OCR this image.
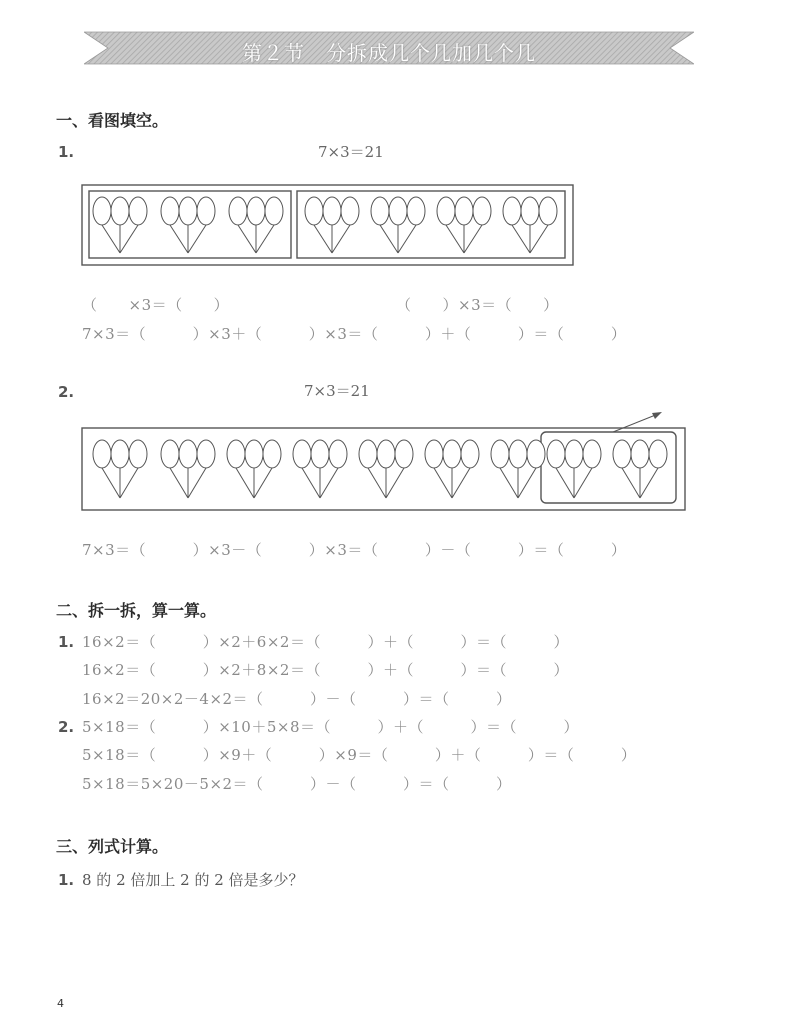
第２节　分拆成几个几加几个几
一、看图填空。
1.	7×3＝21
（　　×3＝（　　）	（　　）×3＝（　　）
7×3＝（　　　）×3＋（　　　）×3＝（　　　）＋（　　　）＝（　　　）
2.	7×3＝21
7×3＝（　　　）×3－（　　　）×3＝（　　　）－（　　　）＝（　　　）
二、拆一拆，算一算。
1. 16×2＝（　　　）×2＋6×2＝（　　　）＋（　　　）＝（　　　）
16×2＝（　　　）×2＋8×2＝（　　　）＋（　　　）＝（　　　）
16×2＝20×2－4×2＝（　　　）－（　　　）＝（　　　）
2. 5×18＝（　　　）×10＋5×8＝（　　　）＋（　　　）＝（　　　）
5×18＝（　　　）×9＋（　　　）×9＝（　　　）＋（　　　）＝（　　　）
5×18＝5×20－5×2＝（　　　）－（　　　）＝（　　　）
三、列式计算。
1. 8 的 2 倍加上 2 的 2 倍是多少？
4
